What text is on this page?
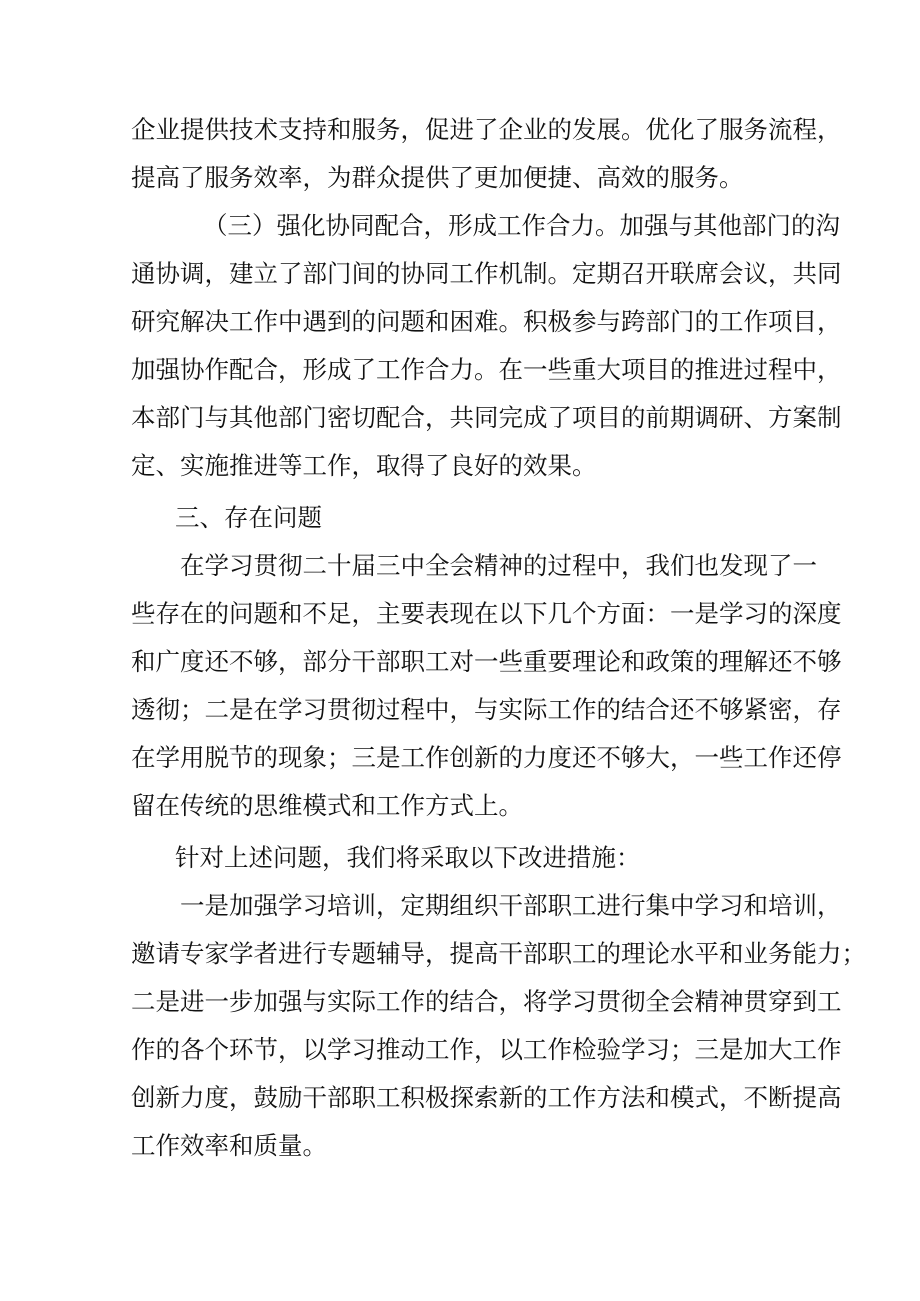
企业提供技术支持和服务，促进了企业的发展。优化了服务流程，
提高了服务效率，为群众提供了更加便捷、高效的服务。
（三）强化协同配合，形成工作合力。加强与其他部门的沟
通协调，建立了部门间的协同工作机制。定期召开联席会议，共同
研究解决工作中遇到的问题和困难。积极参与跨部门的工作项目，
加强协作配合，形成了工作合力。在一些重大项目的推进过程中，
本部门与其他部门密切配合，共同完成了项目的前期调研、方案制
定、实施推进等工作，取得了良好的效果。
三、存在问题
在学习贯彻二十届三中全会精神的过程中，我们也发现了一
些存在的问题和不足，主要表现在以下几个方面：一是学习的深度
和广度还不够，部分干部职工对一些重要理论和政策的理解还不够
透彻；二是在学习贯彻过程中，与实际工作的结合还不够紧密，存
在学用脱节的现象；三是工作创新的力度还不够大，一些工作还停
留在传统的思维模式和工作方式上。
针对上述问题，我们将采取以下改进措施：
一是加强学习培训，定期组织干部职工进行集中学习和培训，
邀请专家学者进行专题辅导，提高干部职工的理论水平和业务能力；
二是进一步加强与实际工作的结合，将学习贯彻全会精神贯穿到工
作的各个环节，以学习推动工作，以工作检验学习；三是加大工作
创新力度，鼓励干部职工积极探索新的工作方法和模式，不断提高
工作效率和质量。
